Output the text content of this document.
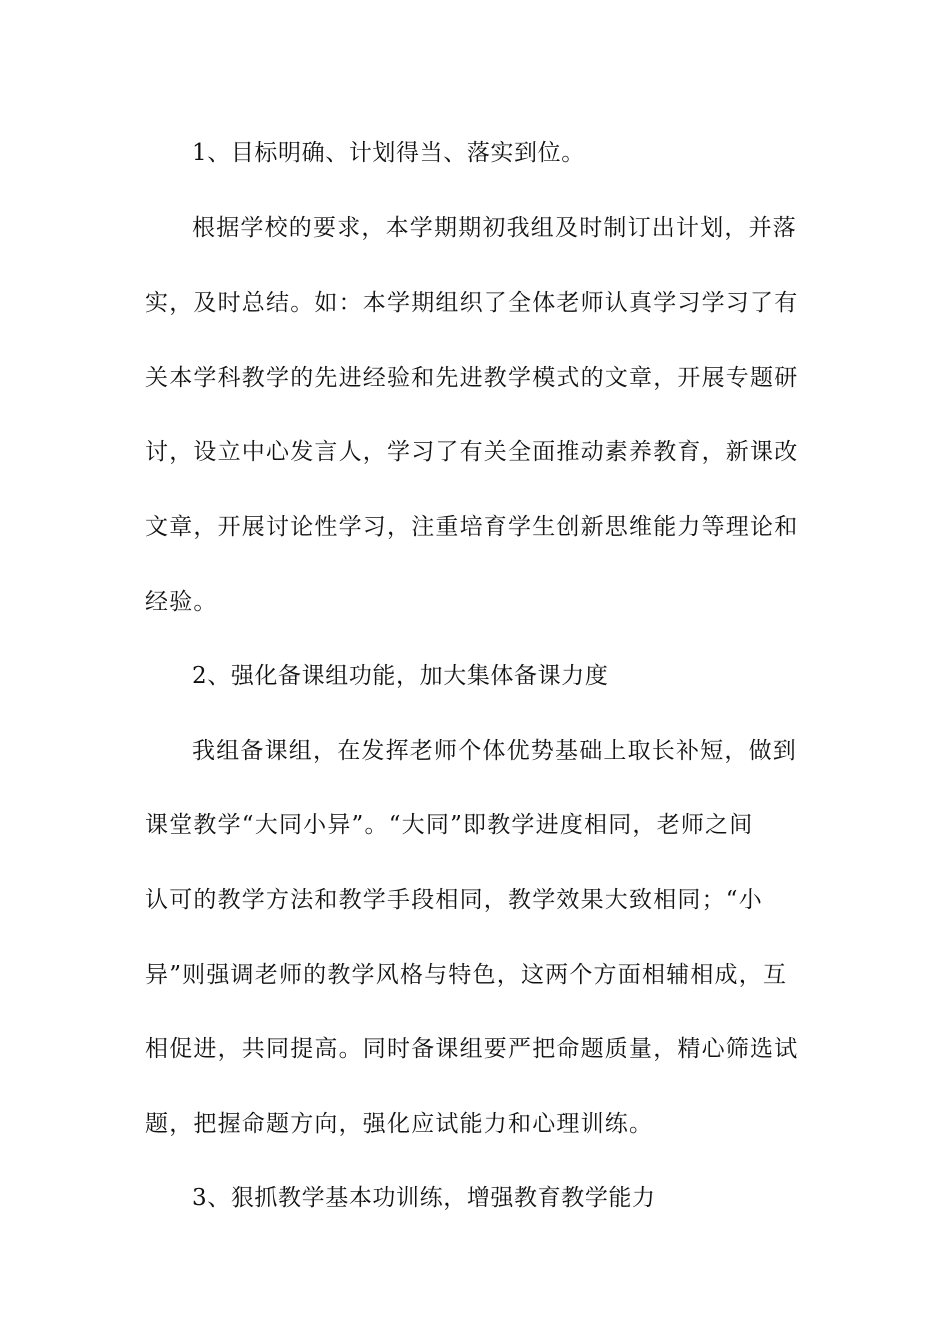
1、目标明确、计划得当、落实到位。
根据学校的要求，本学期期初我组及时制订出计划，并落
实，及时总结。如：本学期组织了全体老师认真学习学习了有
关本学科教学的先进经验和先进教学模式的文章，开展专题研
讨，设立中心发言人，学习了有关全面推动素养教育，新课改
文章，开展讨论性学习，注重培育学生创新思维能力等理论和
经验。
2、强化备课组功能，加大集体备课力度
我组备课组，在发挥老师个体优势基础上取长补短，做到
课堂教学“大同小异”。“大同”即教学进度相同，老师之间
认可的教学方法和教学手段相同，教学效果大致相同；“小
异”则强调老师的教学风格与特色，这两个方面相辅相成，互
相促进，共同提高。同时备课组要严把命题质量，精心筛选试
题，把握命题方向，强化应试能力和心理训练。
3、狠抓教学基本功训练，增强教育教学能力
